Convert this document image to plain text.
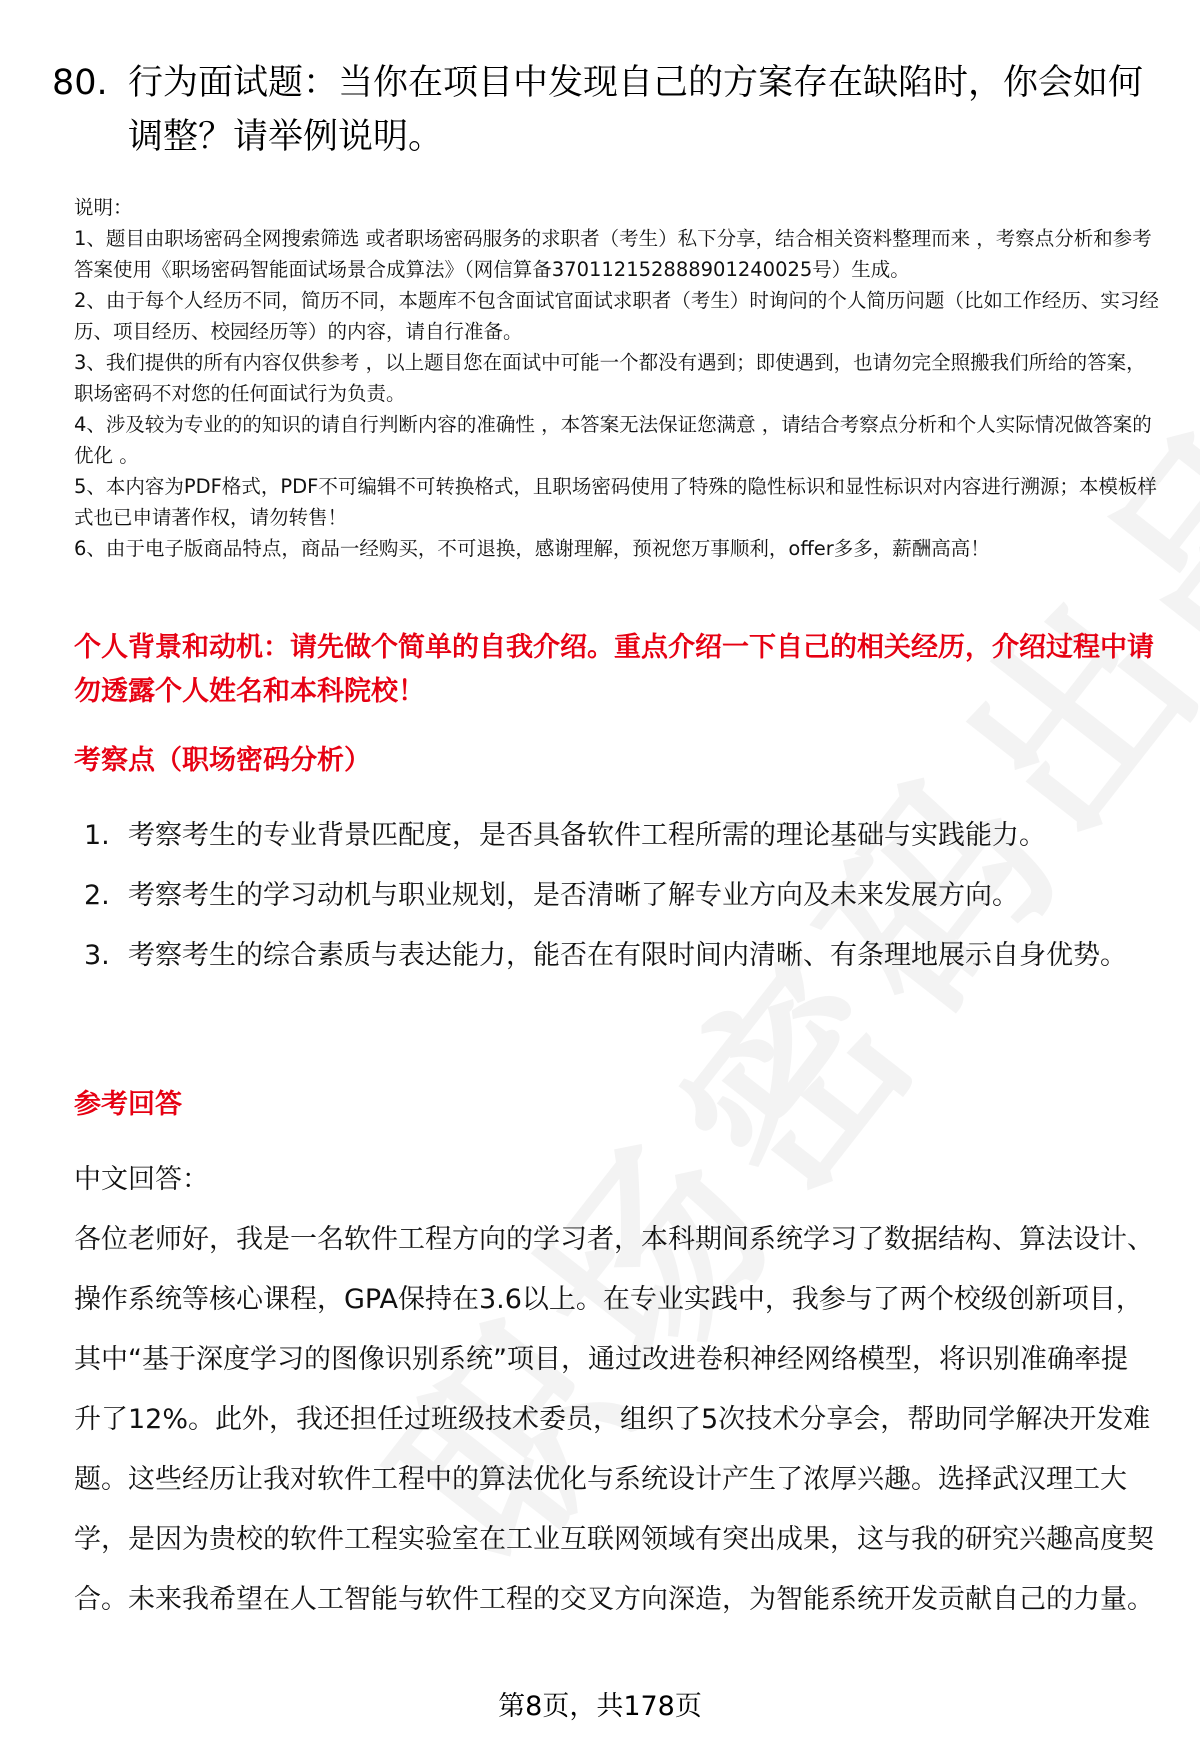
80. 行为面试题：当你在项目中发现自己的方案存在缺陷时，你会如何调整？请举例说明。
说明：
1、题目由职场密码全网搜索筛选 或者职场密码服务的求职者（考生）私下分享，结合相关资料整理而来 ，考察点分析和参考答案使用《职场密码智能面试场景合成算法》（网信算备370112152888901240025号）生成。
2、由于每个人经历不同，简历不同，本题库不包含面试官面试求职者（考生）时询问的个人简历问题（比如工作经历、实习经历、项目经历、校园经历等）的内容，请自行准备。
3、我们提供的所有内容仅供参考 ，以上题目您在面试中可能一个都没有遇到；即使遇到，也请勿完全照搬我们所给的答案，职场密码不对您的任何面试行为负责。
4、涉及较为专业的的知识的请自行判断内容的准确性 ，本答案无法保证您满意 ，请结合考察点分析和个人实际情况做答案的优化 。
5、本内容为PDF格式，PDF不可编辑不可转换格式，且职场密码使用了特殊的隐性标识和显性标识对内容进行溯源；本模板样式也已申请著作权，请勿转售！
6、由于电子版商品特点，商品一经购买，不可退换，感谢理解，预祝您万事顺利，offer多多，薪酬高高！
个人背景和动机：请先做个简单的自我介绍。重点介绍一下自己的相关经历，介绍过程中请勿透露个人姓名和本科院校！
考察点（职场密码分析）
1. 考察考生的专业背景匹配度，是否具备软件工程所需的理论基础与实践能力。
2. 考察考生的学习动机与职业规划，是否清晰了解专业方向及未来发展方向。
3. 考察考生的综合素质与表达能力，能否在有限时间内清晰、有条理地展示自身优势。
参考回答
中文回答：
各位老师好，我是一名软件工程方向的学习者，本科期间系统学习了数据结构、算法设计、操作系统等核心课程，GPA保持在3.6以上。在专业实践中，我参与了两个校级创新项目，其中“基于深度学习的图像识别系统”项目，通过改进卷积神经网络模型，将识别准确率提升了12%。此外，我还担任过班级技术委员，组织了5次技术分享会，帮助同学解决开发难题。这些经历让我对软件工程中的算法优化与系统设计产生了浓厚兴趣。选择武汉理工大学，是因为贵校的软件工程实验室在工业互联网领域有突出成果，这与我的研究兴趣高度契合。未来我希望在人工智能与软件工程的交叉方向深造，为智能系统开发贡献自己的力量。
第8页，共178页
